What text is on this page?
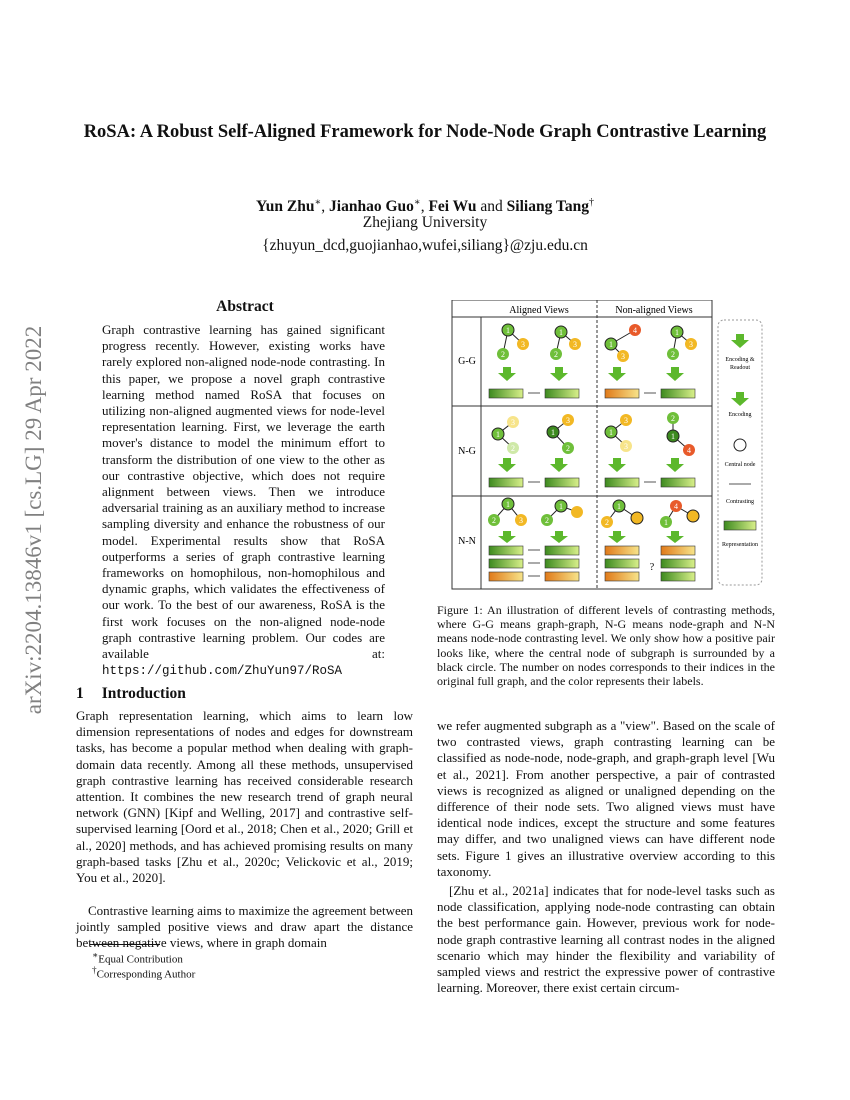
RoSA: A Robust Self-Aligned Framework for Node-Node Graph Contrastive Learning
Yun Zhu∗, Jianhao Guo∗, Fei Wu and Siliang Tang†
Zhejiang University
{zhuyun_dcd,guojianhao,wufei,siliang}@zju.edu.cn
arXiv:2204.13846v1 [cs.LG] 29 Apr 2022
Abstract
Graph contrastive learning has gained significant progress recently. However, existing works have rarely explored non-aligned node-node contrasting. In this paper, we propose a novel graph contrastive learning method named RoSA that focuses on utilizing non-aligned augmented views for node-level representation learning. First, we leverage the earth mover's distance to model the minimum effort to transform the distribution of one view to the other as our contrastive objective, which does not require alignment between views. Then we introduce adversarial training as an auxiliary method to increase sampling diversity and enhance the robustness of our model. Experimental results show that RoSA outperforms a series of graph contrastive learning frameworks on homophilous, non-homophilous and dynamic graphs, which validates the effectiveness of our work. To the best of our awareness, RoSA is the first work focuses on the non-aligned node-node graph contrastive learning problem. Our codes are available at: https://github.com/ZhuYun97/RoSA
1 Introduction
Graph representation learning, which aims to learn low dimension representations of nodes and edges for downstream tasks, has become a popular method when dealing with graph-domain data recently. Among all these methods, unsupervised graph contrastive learning has received considerable research attention. It combines the new research trend of graph neural network (GNN) [Kipf and Welling, 2017] and contrastive self-supervised learning [Oord et al., 2018; Chen et al., 2020; Grill et al., 2020] methods, and has achieved promising results on many graph-based tasks [Zhu et al., 2020c; Velickovic et al., 2019; You et al., 2020].
Contrastive learning aims to maximize the agreement between jointly sampled positive views and draw apart the distance between negative views, where in graph domain
∗Equal Contribution
†Corresponding Author
Aligned Views	Non-aligned Views
G-G
N-G
N-N
1
2
3
1
2
3	1
4
3
1
2
3
3
1
2
3
1
2
3
1
3
2
1
4
1
2	3
1
2
1
2
4
1
?
Encoding &
Readout
Encoding
Central node
Contrasting
Representation
Figure 1: An illustration of different levels of contrasting methods, where G-G means graph-graph, N-G means node-graph and N-N means node-node contrasting level. We only show how a positive pair looks like, where the central node of subgraph is surrounded by a black circle. The number on nodes corresponds to their indices in the original full graph, and the color represents their labels.
we refer augmented subgraph as a "view". Based on the scale of two contrasted views, graph contrasting learning can be classified as node-node, node-graph, and graph-graph level [Wu et al., 2021]. From another perspective, a pair of contrasted views is recognized as aligned or unaligned depending on the difference of their node sets. Two aligned views must have identical node indices, except the structure and some features may differ, and two unaligned views can have different node sets. Figure 1 gives an illustrative overview according to this taxonomy.
[Zhu et al., 2021a] indicates that for node-level tasks such as node classification, applying node-node contrasting can obtain the best performance gain. However, previous work for node-node graph contrastive learning all contrast nodes in the aligned scenario which may hinder the flexibility and variability of sampled views and restrict the expressive power of contrastive learning. Moreover, there exist certain circum-
